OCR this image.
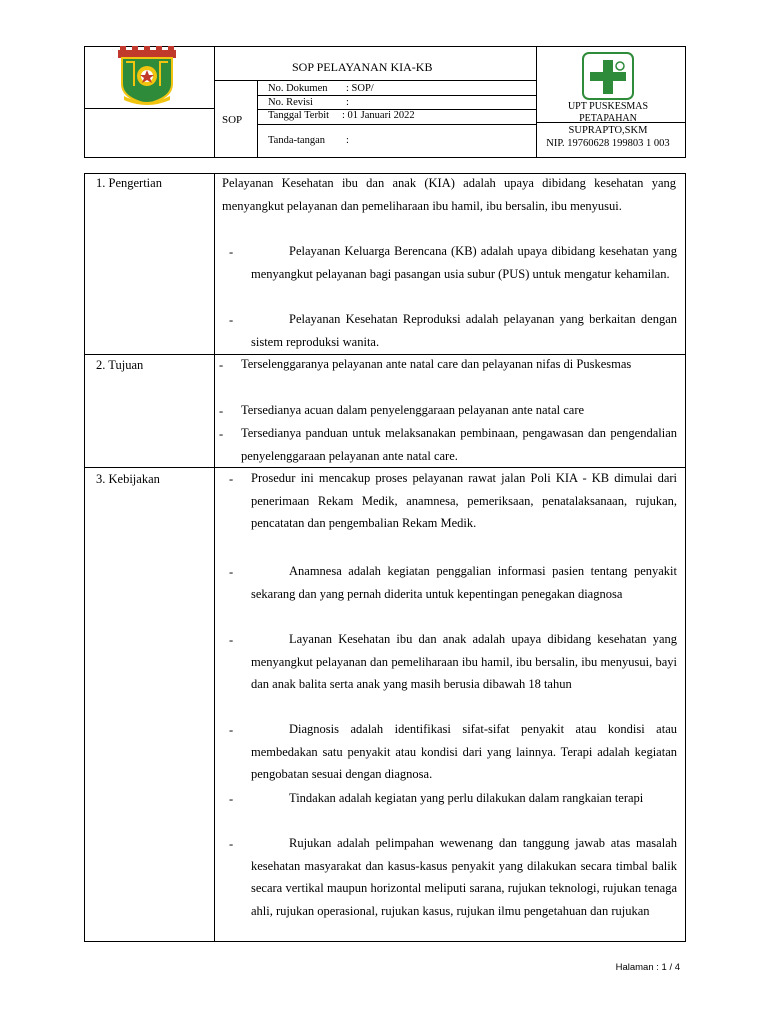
SOP PELAYANAN KIA-KB
SOP
No. Dokumen : SOP/
No. Revisi	:
Tanggal Terbit : 01 Januari 2022
Tanda-tangan :
UPT PUSKESMAS PETAPAHAN
SUPRAPTO,SKM
NIP. 19760628 199803 1 003
1. Pengertian	Pelayanan Kesehatan ibu dan anak (KIA) adalah upaya dibidang kesehatan yang menyangkut pelayanan dan pemeliharaan ibu hamil, ibu bersalin, ibu menyusui.
-	Pelayanan Keluarga Berencana (KB) adalah upaya dibidang kesehatan yang menyangkut pelayanan bagi pasangan usia subur (PUS) untuk mengatur kehamilan.
-	Pelayanan Kesehatan Reproduksi adalah pelayanan yang berkaitan dengan sistem reproduksi wanita.
2. Tujuan	- Terselenggaranya pelayanan ante natal care dan pelayanan nifas di Puskesmas
- Tersedianya acuan dalam penyelenggaraan pelayanan ante natal care
- Tersedianya panduan untuk melaksanakan pembinaan, pengawasan dan pengendalian penyelenggaraan pelayanan ante natal care.
3. Kebijakan	- Prosedur ini mencakup proses pelayanan rawat jalan Poli KIA - KB dimulai dari penerimaan Rekam Medik, anamnesa, pemeriksaan, penatalaksanaan, rujukan, pencatatan dan pengembalian Rekam Medik.
-	Anamnesa adalah kegiatan penggalian informasi pasien tentang penyakit sekarang dan yang pernah diderita untuk kepentingan penegakan diagnosa
-	Layanan Kesehatan ibu dan anak adalah upaya dibidang kesehatan yang menyangkut pelayanan dan pemeliharaan ibu hamil, ibu bersalin, ibu menyusui, bayi dan anak balita serta anak yang masih berusia dibawah 18 tahun
-	Diagnosis adalah identifikasi sifat-sifat penyakit atau kondisi atau membedakan satu penyakit atau kondisi dari yang lainnya. Terapi adalah kegiatan pengobatan sesuai dengan diagnosa.
-	Tindakan adalah kegiatan yang perlu dilakukan dalam rangkaian terapi
-	Rujukan adalah pelimpahan wewenang dan tanggung jawab atas masalah kesehatan masyarakat dan kasus-kasus penyakit yang dilakukan secara timbal balik secara vertikal maupun horizontal meliputi sarana, rujukan teknologi, rujukan tenaga ahli, rujukan operasional, rujukan kasus, rujukan ilmu pengetahuan dan rujukan
Halaman : 1 / 4
